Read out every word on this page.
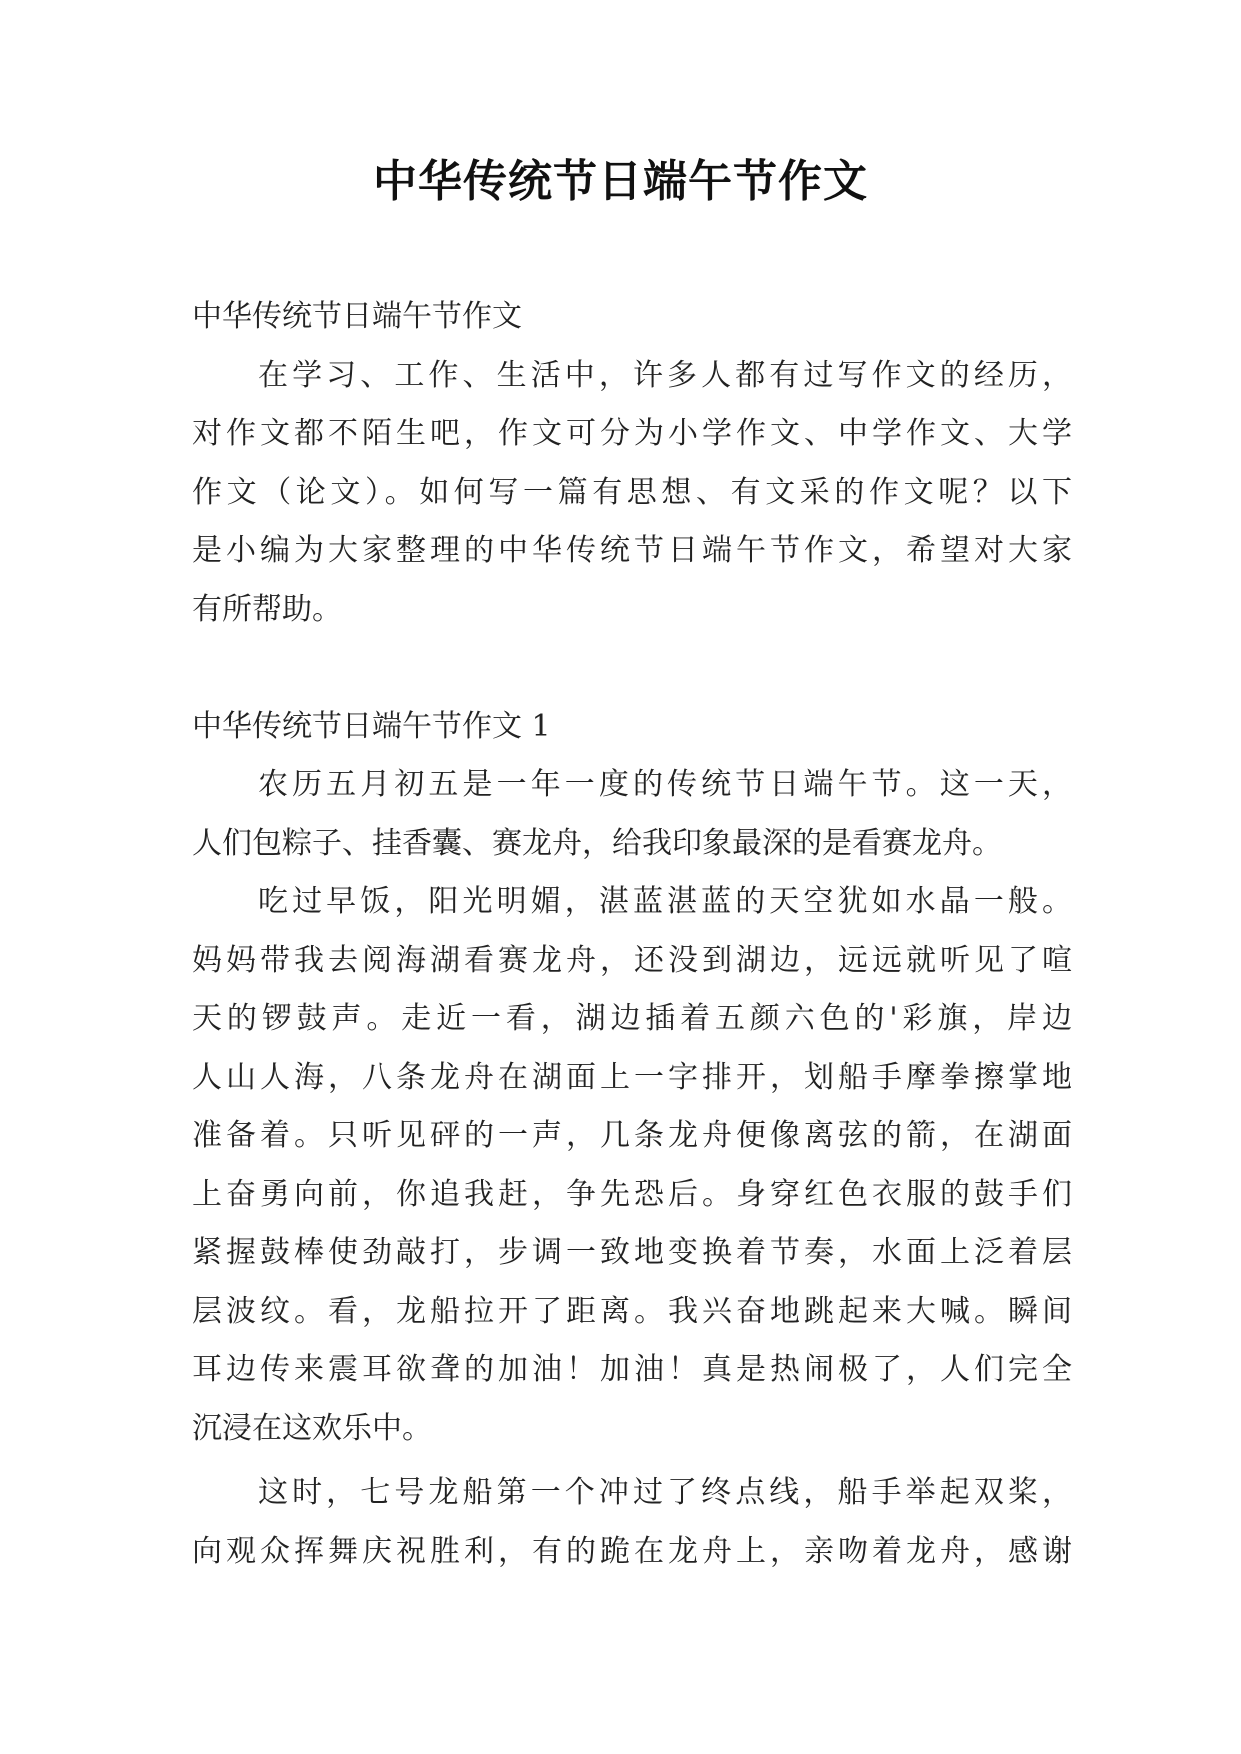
中华传统节日端午节作文
中华传统节日端午节作文
在学习、工作、生活中，许多人都有过写作文的经历，
对作文都不陌生吧，作文可分为小学作文、中学作文、大学
作文（论文）。如何写一篇有思想、有文采的作文呢？以下
是小编为大家整理的中华传统节日端午节作文，希望对大家
有所帮助。
中华传统节日端午节作文 1
农历五月初五是一年一度的传统节日端午节。这一天，
人们包粽子、挂香囊、赛龙舟，给我印象最深的是看赛龙舟。
吃过早饭，阳光明媚，湛蓝湛蓝的天空犹如水晶一般。
妈妈带我去阅海湖看赛龙舟，还没到湖边，远远就听见了喧
天的锣鼓声。走近一看，湖边插着五颜六色的'彩旗，岸边
人山人海，八条龙舟在湖面上一字排开，划船手摩拳擦掌地
准备着。只听见砰的一声，几条龙舟便像离弦的箭，在湖面
上奋勇向前，你追我赶，争先恐后。身穿红色衣服的鼓手们
紧握鼓棒使劲敲打，步调一致地变换着节奏，水面上泛着层
层波纹。看，龙船拉开了距离。我兴奋地跳起来大喊。瞬间
耳边传来震耳欲聋的加油！加油！真是热闹极了，人们完全
沉浸在这欢乐中。
这时，七号龙船第一个冲过了终点线，船手举起双桨，
向观众挥舞庆祝胜利，有的跪在龙舟上，亲吻着龙舟，感谢
